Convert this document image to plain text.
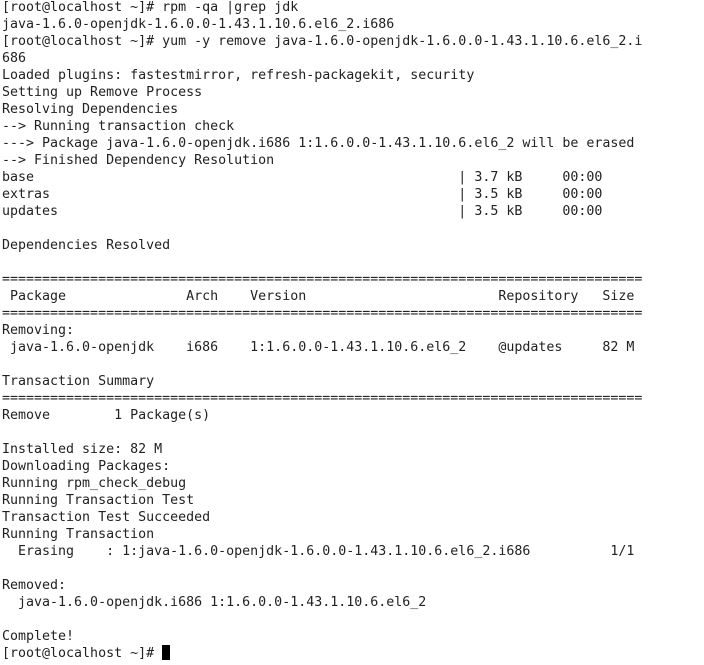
[root@localhost ~]# rpm -qa |grep jdk
java-1.6.0-openjdk-1.6.0.0-1.43.1.10.6.el6_2.i686
[root@localhost ~]# yum -y remove java-1.6.0-openjdk-1.6.0.0-1.43.1.10.6.el6_2.i
686
Loaded plugins: fastestmirror, refresh-packagekit, security
Setting up Remove Process
Resolving Dependencies
--> Running transaction check
---> Package java-1.6.0-openjdk.i686 1:1.6.0.0-1.43.1.10.6.el6_2 will be erased
--> Finished Dependency Resolution
base                                                     | 3.7 kB     00:00
extras                                                   | 3.5 kB     00:00
updates                                                  | 3.5 kB     00:00
Dependencies Resolved
================================================================================
Package               Arch    Version                        Repository   Size
================================================================================
Removing:
java-1.6.0-openjdk    i686    1:1.6.0.0-1.43.1.10.6.el6_2    @updates     82 M
Transaction Summary
================================================================================
Remove        1 Package(s)
Installed size: 82 M
Downloading Packages:
Running rpm_check_debug
Running Transaction Test
Transaction Test Succeeded
Running Transaction
Erasing    : 1:java-1.6.0-openjdk-1.6.0.0-1.43.1.10.6.el6_2.i686          1/1
Removed:
java-1.6.0-openjdk.i686 1:1.6.0.0-1.43.1.10.6.el6_2
Complete!
[root@localhost ~]#
